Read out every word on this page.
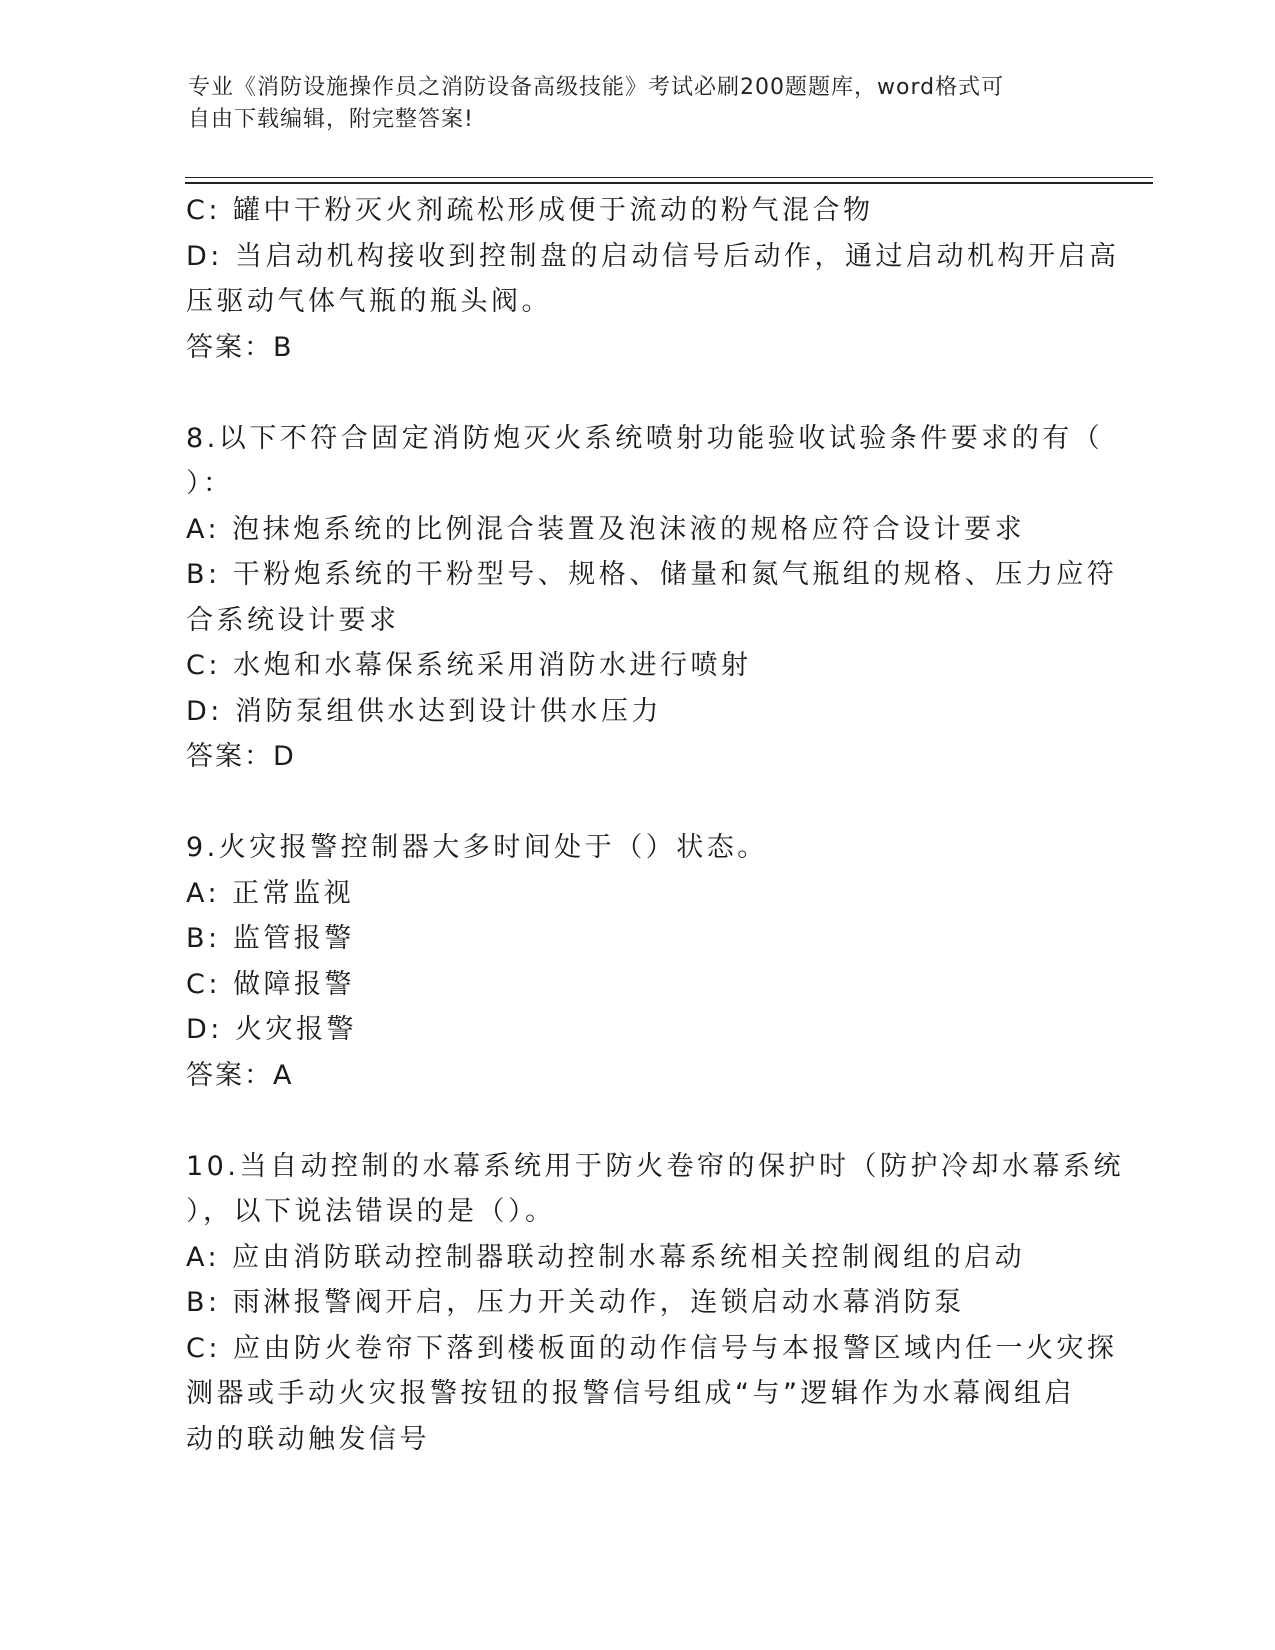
专业《消防设施操作员之消防设备高级技能》考试必刷200题题库，word格式可
自由下载编辑，附完整答案!
C: 罐中干粉灭火剂疏松形成便于流动的粉气混合物
D: 当启动机构接收到控制盘的启动信号后动作，通过启动机构开启高
压驱动气体气瓶的瓶头阀。
答案：B
8.以下不符合固定消防炮灭火系统喷射功能验收试验条件要求的有（
）：
A: 泡抹炮系统的比例混合装置及泡沫液的规格应符合设计要求
B: 干粉炮系统的干粉型号、规格、储量和氮气瓶组的规格、压力应符
合系统设计要求
C: 水炮和水幕保系统采用消防水进行喷射
D: 消防泵组供水达到设计供水压力
答案：D
9.火灾报警控制器大多时间处于（）状态。
A: 正常监视
B: 监管报警
C: 做障报警
D: 火灾报警
答案：A
10.当自动控制的水幕系统用于防火卷帘的保护时（防护冷却水幕系统
），以下说法错误的是（）。
A: 应由消防联动控制器联动控制水幕系统相关控制阀组的启动
B: 雨淋报警阀开启，压力开关动作，连锁启动水幕消防泵
C: 应由防火卷帘下落到楼板面的动作信号与本报警区域内任一火灾探
测器或手动火灾报警按钮的报警信号组成“与”逻辑作为水幕阀组启
动的联动触发信号
